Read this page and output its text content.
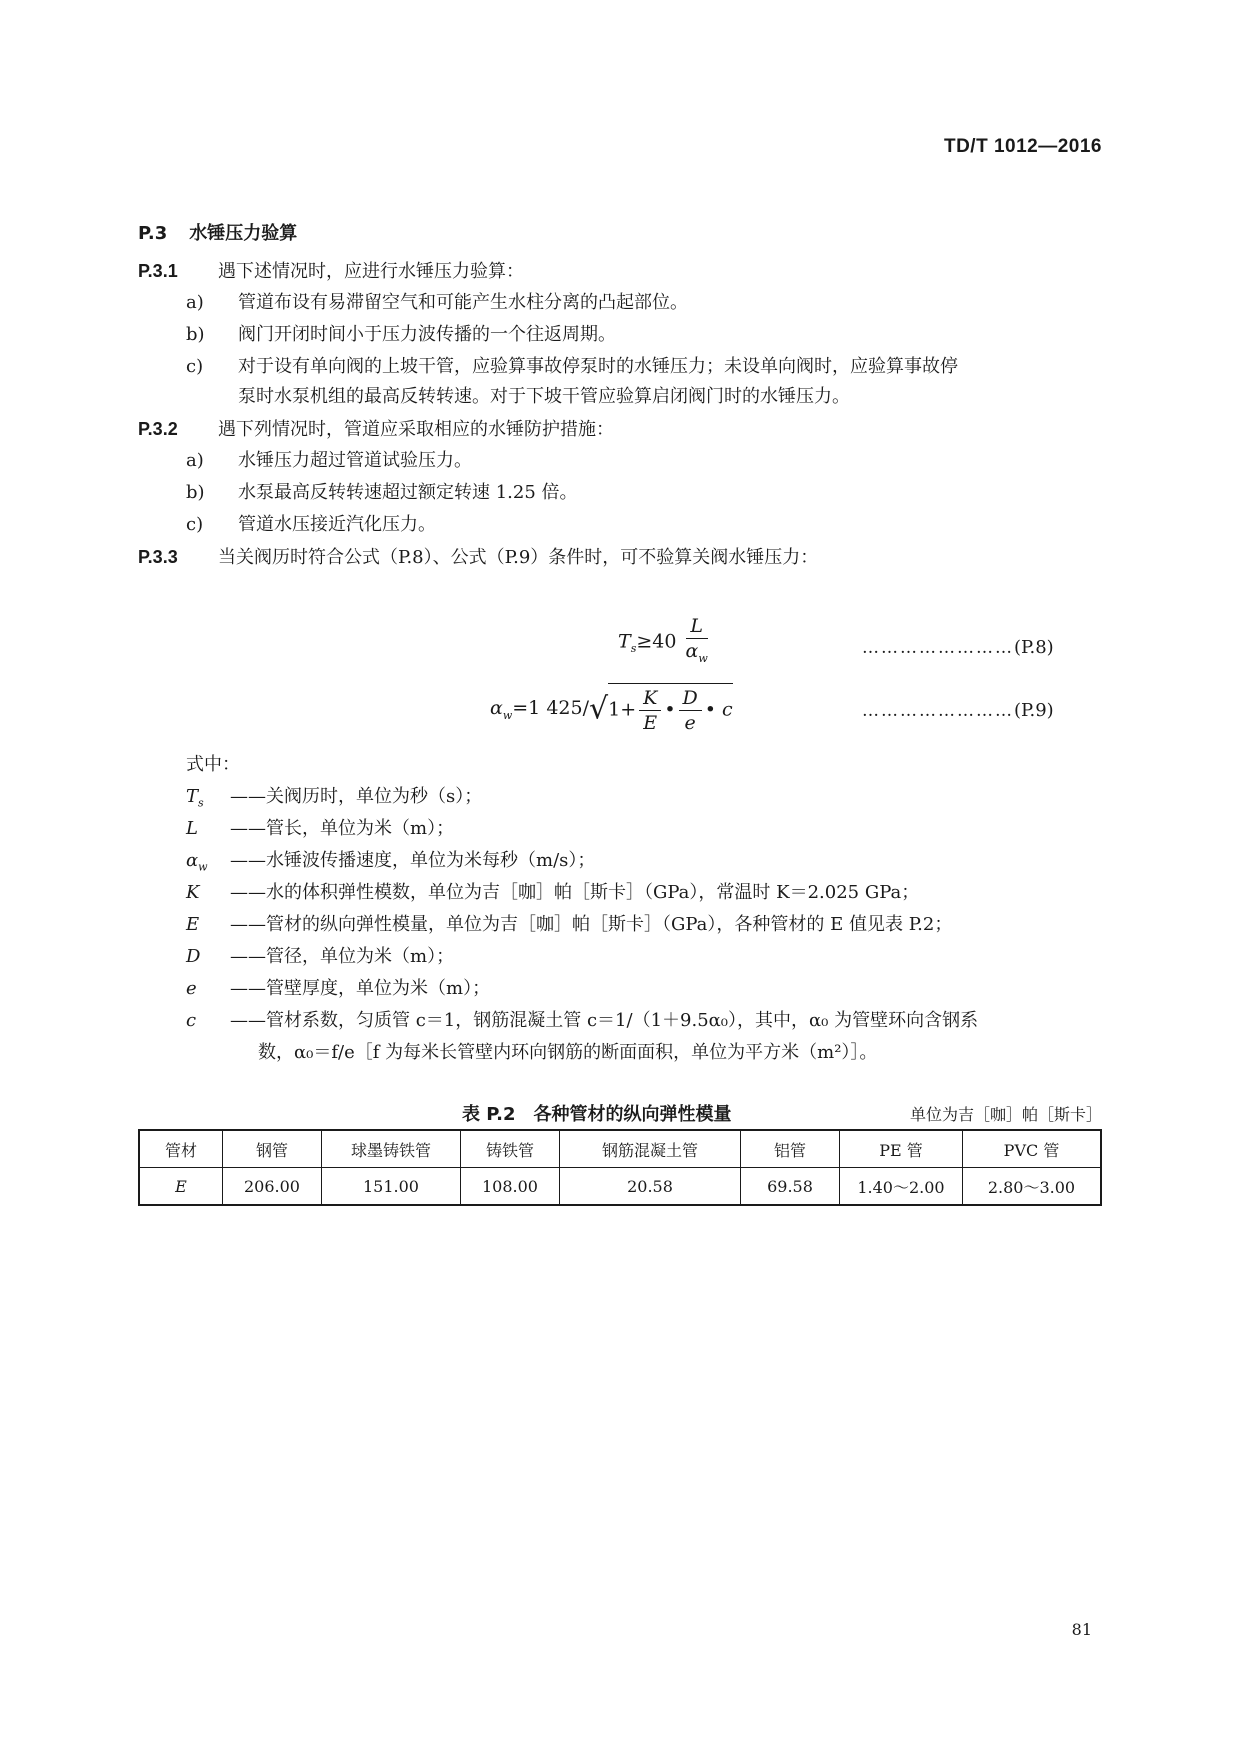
TD/T 1012—2016
P.3 水锤压力验算
P.3.1 遇下述情况时，应进行水锤压力验算：
a) 管道布设有易滞留空气和可能产生水柱分离的凸起部位。
b) 阀门开闭时间小于压力波传播的一个往返周期。
c) 对于设有单向阀的上坡干管，应验算事故停泵时的水锤压力；未设单向阀时，应验算事故停
泵时水泵机组的最高反转转速。对于下坡干管应验算启闭阀门时的水锤压力。
P.3.2 遇下列情况时，管道应采取相应的水锤防护措施：
a) 水锤压力超过管道试验压力。
b) 水泵最高反转转速超过额定转速 1.25 倍。
c) 管道水压接近汽化压力。
P.3.3 当关阀历时符合公式（P.8）、公式（P.9）条件时，可不验算关阀水锤压力：
$T_s\ge 40 \frac{L}{\alpha_w}$	……………………(P.8)
$\alpha_w=1$ $425/√1+ \frac{K}{E}$ • $\frac{D}{e}$ • c	……………………(P.9)
式中：
$T_s$ ——关阀历时，单位为秒（s）；
L ——管长，单位为米（m）；
$\alpha_w$ ——水锤波传播速度，单位为米每秒（m/s）；
K ——水的体积弹性模数，单位为吉［咖］帕［斯卡］（GPa），常温时 K＝2.025 GPa；
E ——管材的纵向弹性模量，单位为吉［咖］帕［斯卡］（GPa），各种管材的 E 值见表 P.2；
D ——管径，单位为米（m）；
e ——管壁厚度，单位为米（m）；
c ——管材系数，匀质管 c＝1，钢筋混凝土管 c＝1/（1＋9.5α₀），其中，α₀ 为管壁环向含钢系
数，α₀＝f/e［f 为每米长管壁内环向钢筋的断面面积，单位为平方米（m²）］。
表 P.2　各种管材的纵向弹性模量	单位为吉［咖］帕［斯卡］
管材	钢管	球墨铸铁管	铸铁管	钢筋混凝土管	铝管	PE 管	PVC 管
E	206.00	151.00	108.00	20.58	69.58	1.40～2.00	2.80～3.00
81
